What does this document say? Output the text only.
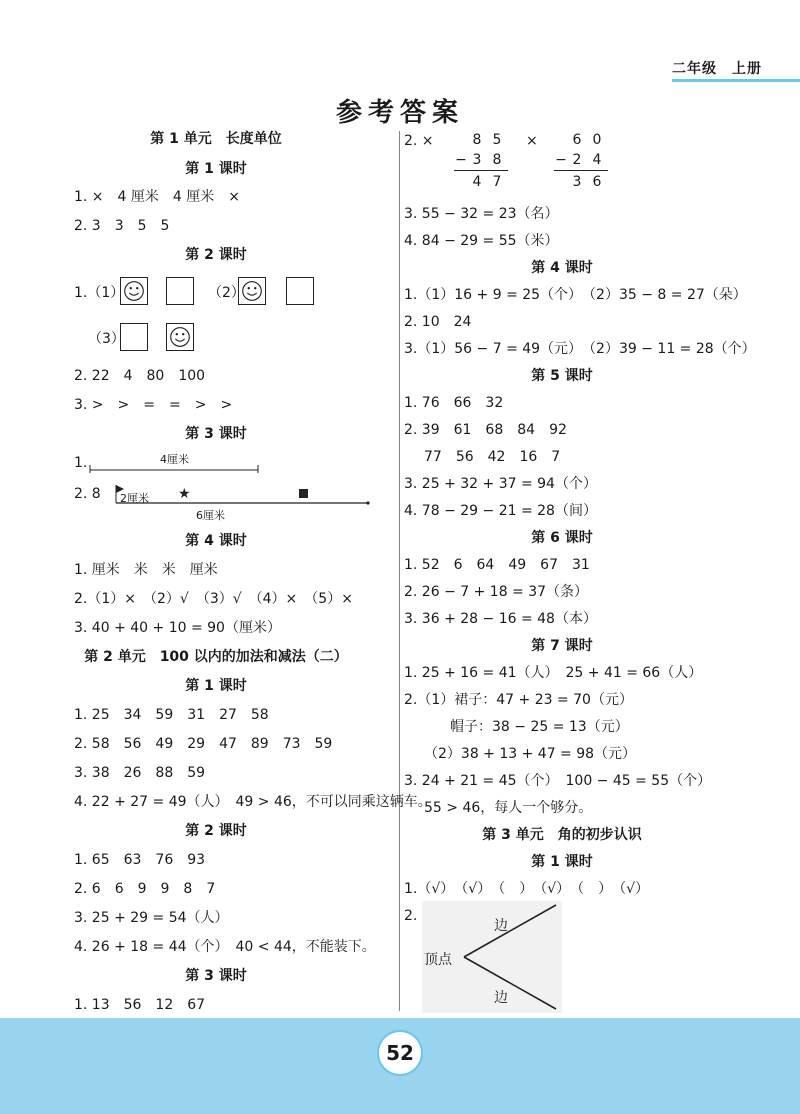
二年级　上册
参考答案
第 1 单元　长度单位
第 1 课时
1. ×　4 厘米　4 厘米　×
2. 3　3　5　5
第 2 课时
1.（1）	（2）
（3）
2. 22　4　80　100
3. >　>　=　=　>　>
第 3 课时
1.	4厘米
2. 8	★
2厘米
6厘米
第 4 课时
1. 厘米　米　米　厘米
2.（1）×　（2）√　（3）√　（4）×　（5）×
3. 40 + 40 + 10 = 90（厘米）
第 2 单元　100 以内的加法和减法（二）
第 1 课时
1. 25　34　59　31　27　58
2. 58　56　49　29　47　89　73　59
3. 38　26　88　59
4. 22 + 27 = 49（人）　49 > 46，不可以同乘这辆车。
第 2 课时
1. 65　63　76　93
2. 6　6　9　9　8　7
3. 25 + 29 = 54（人）
4. 26 + 18 = 44（个）　40 < 44，不能装下。
第 3 课时
1. 13　56　12　67
2. ×	8 5
− 3 8
4 7
× 6 0
− 2 4
3 6
3. 55 − 32 = 23（名）
4. 84 − 29 = 55（米）
第 4 课时
1.（1）16 + 9 = 25（个）　（2）35 − 8 = 27（朵）
2. 10　24
3.（1）56 − 7 = 49（元）　（2）39 − 11 = 28（个）
第 5 课时
1. 76　66　32
2. 39　61　68　84　92
77　56　42　16　7
3. 25 + 32 + 37 = 94（个）
4. 78 − 29 − 21 = 28（间）
第 6 课时
1. 52　6　64　49　67　31
2. 26 − 7 + 18 = 37（条）
3. 36 + 28 − 16 = 48（本）
第 7 课时
1. 25 + 16 = 41（人）　25 + 41 = 66（人）
2.（1）裙子：47 + 23 = 70（元）
帽子：38 − 25 = 13（元）
（2）38 + 13 + 47 = 98（元）
3. 24 + 21 = 45（个）　100 − 45 = 55（个）
55 > 46，每人一个够分。
第 3 单元　角的初步认识
第 1 课时
1.（√）　（√）　（　）　（√）　（　）　（√）
2.
顶点
边
边
52
